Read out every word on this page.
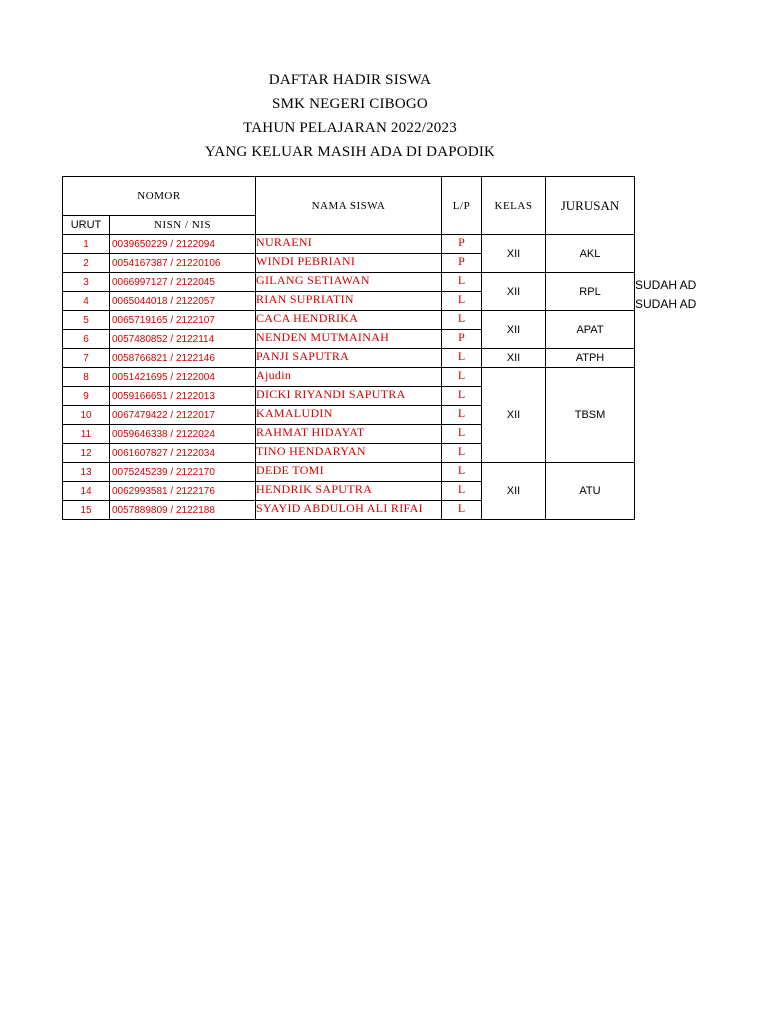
DAFTAR HADIR SISWA
SMK NEGERI CIBOGO
TAHUN PELAJARAN 2022/2023
YANG KELUAR MASIH ADA DI DAPODIK
NOMOR		NAMA SISWA	L/P	KELAS	JURUSAN
URUT	NISN / NIS				
1	0039650229 / 2122094	NURAENI	P	XII	AKL
2	0054167387 / 21220106	WINDI PEBRIANI	P		
3	0066997127 / 2122045	GILANG SETIAWAN	L	XII	RPL
4	0065044018 / 2122057	RIAN SUPRIATIN	L		
5	0065719165 / 2122107	CACA HENDRIKA	L	XII	APAT
6	0057480852 / 2122114	NENDEN MUTMAINAH	P		
7	0058766821 / 2122146	PANJI SAPUTRA	L	XII	ATPH
8	0051421695 / 2122004	Ajudin	L	XII	TBSM
9	0059166651 / 2122013	DICKI RIYANDI SAPUTRA	L		
10	0067479422 / 2122017	KAMALUDIN	L		
11	0059646338 / 2122024	RAHMAT HIDAYAT	L		
12	0061607827 / 2122034	TINO HENDARYAN	L		
13	0075245239 / 2122170	DEDE TOMI	L	XII	ATU
14	0062993581 / 2122176	HENDRIK SAPUTRA	L		
15	0057889809 / 2122188	SYAYID ABDULOH ALI RIFAI	L		
SUDAH AD
SUDAH AD
